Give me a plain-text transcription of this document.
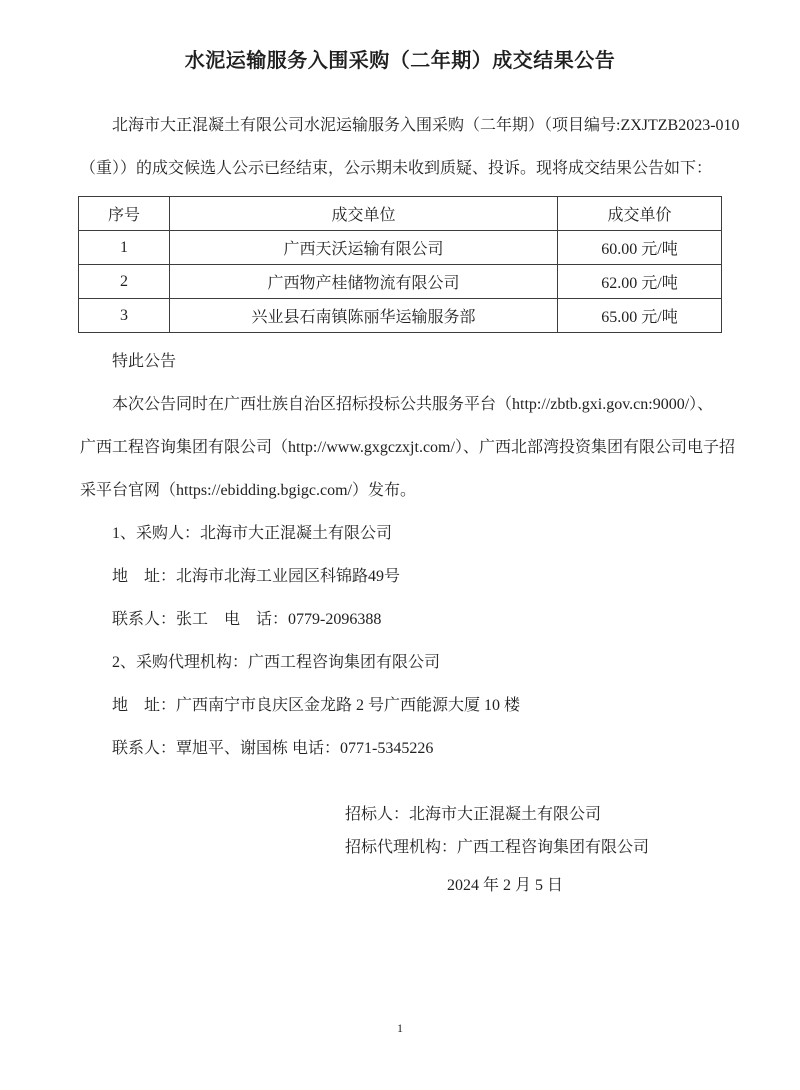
水泥运输服务入围采购（二年期）成交结果公告
北海市大正混凝土有限公司水泥运输服务入围采购（二年期）（项目编号:ZXJTZB2023-010
（重））的成交候选人公示已经结束，公示期未收到质疑、投诉。现将成交结果公告如下：
序号	成交单位	成交单价
1	广西天沃运输有限公司	60.00 元/吨
2	广西物产桂储物流有限公司	62.00 元/吨
3	兴业县石南镇陈丽华运输服务部	65.00 元/吨
特此公告
本次公告同时在广西壮族自治区招标投标公共服务平台（http://zbtb.gxi.gov.cn:9000/）、
广西工程咨询集团有限公司（http://www.gxgczxjt.com/）、广西北部湾投资集团有限公司电子招
采平台官网（https://ebidding.bgigc.com/）发布。
1、采购人：北海市大正混凝土有限公司
地　址：北海市北海工业园区科锦路49号
联系人：张工　电　话：0779-2096388
2、采购代理机构：广西工程咨询集团有限公司
地　址：广西南宁市良庆区金龙路 2 号广西能源大厦 10 楼
联系人：覃旭平、谢国栋 电话：0771-5345226
招标人：北海市大正混凝土有限公司
招标代理机构：广西工程咨询集团有限公司
2024 年 2 月 5 日
1
